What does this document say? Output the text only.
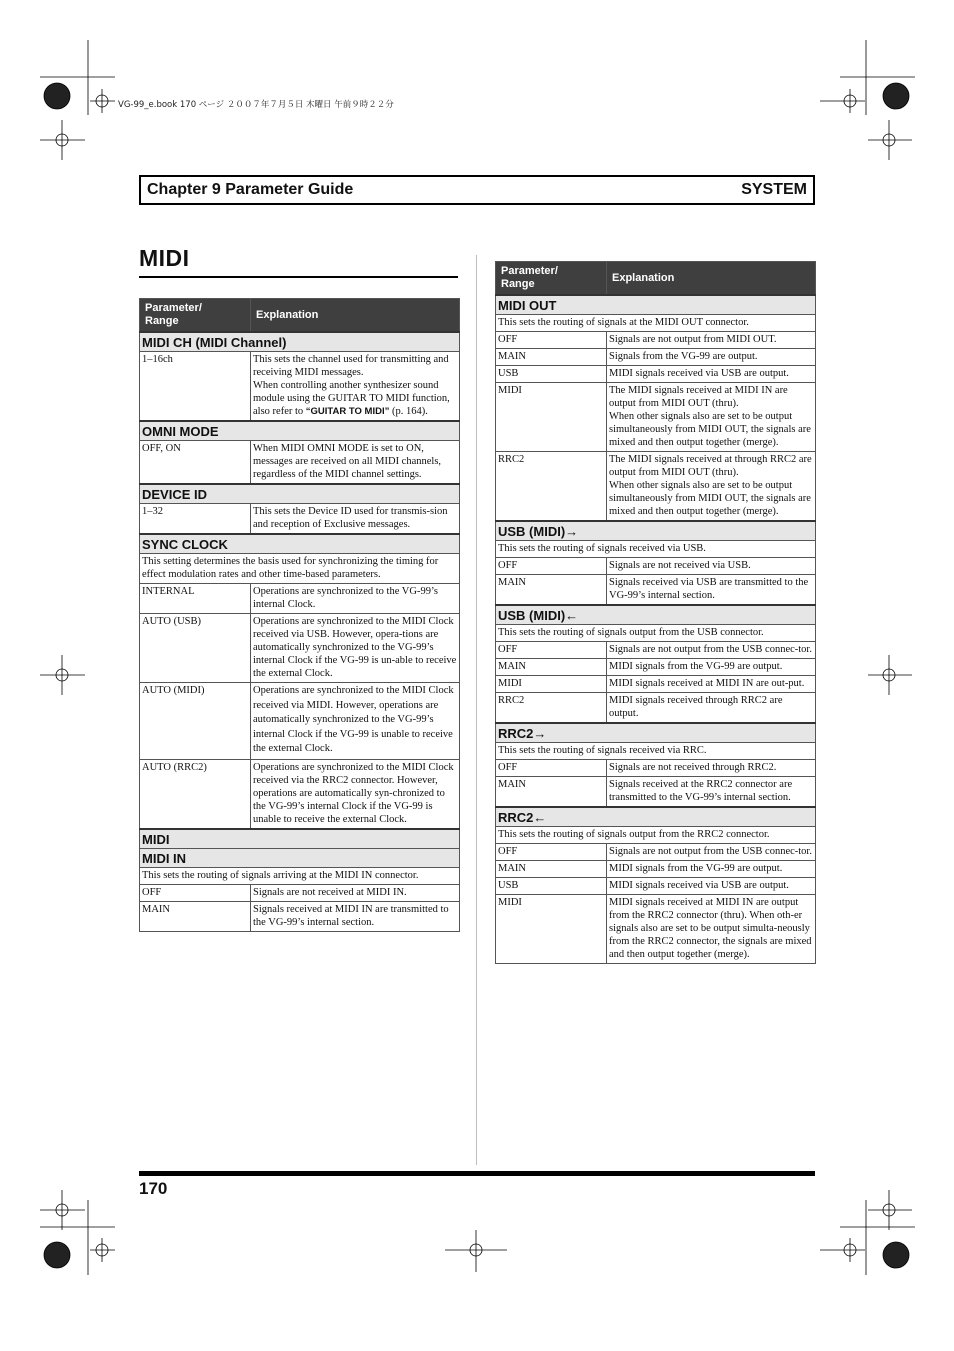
VG-99_e.book 170 ページ ２００７年７月５日 木曜日 午前９時２２分
Chapter 9 Parameter Guide	SYSTEM
MIDI
Parameter/
Range	Explanation
MIDI CH (MIDI Channel)	
1–16ch	This sets the channel used for transmitting and receiving MIDI messages.
When controlling another synthesizer sound module using the GUITAR TO MIDI function, also refer to “GUITAR TO MIDI” (p. 164).
OMNI MODE	
OFF, ON	When MIDI OMNI MODE is set to ON, messages are received on all MIDI channels, regardless of the MIDI channel settings.
DEVICE ID	
1–32	This sets the Device ID used for transmis-sion and reception of Exclusive messages.
SYNC CLOCK	
This setting determines the basis used for synchronizing the timing for effect modulation rates and other time-based parameters.	
INTERNAL	Operations are synchronized to the VG-99’s internal Clock.
AUTO (USB)	Operations are synchronized to the MIDI Clock received via USB. However, opera-tions are automatically synchronized to the VG-99’s internal Clock if the VG-99 is un-able to receive the external Clock.
AUTO (MIDI)	Operations are synchronized to the MIDI Clock received via MIDI. However, operations are automatically synchronized to the VG-99’s internal Clock if the VG-99 is unable to receive the external Clock.
AUTO (RRC2)	Operations are synchronized to the MIDI Clock received via the RRC2 connector. However, operations are automatically syn-chronized to the VG-99’s internal Clock if the VG-99 is unable to receive the external Clock.
MIDI	
MIDI IN	
This sets the routing of signals arriving at the MIDI IN connector.	
OFF	Signals are not received at MIDI IN.
MAIN	Signals received at MIDI IN are transmitted to the VG-99’s internal section.
Parameter/
Range	Explanation
MIDI OUT	
This sets the routing of signals at the MIDI OUT connector.	
OFF	Signals are not output from MIDI OUT.
MAIN	Signals from the VG-99 are output.
USB	MIDI signals received via USB are output.
MIDI	The MIDI signals received at MIDI IN are output from MIDI OUT (thru).
When other signals also are set to be output simultaneously from MIDI OUT, the signals are mixed and then output together (merge).
RRC2	The MIDI signals received at through RRC2 are output from MIDI OUT (thru).
When other signals also are set to be output simultaneously from MIDI OUT, the signals are mixed and then output together (merge).
USB (MIDI)→	
This sets the routing of signals received via USB.	
OFF	Signals are not received via USB.
MAIN	Signals received via USB are transmitted to the VG-99’s internal section.
USB (MIDI)←	
This sets the routing of signals output from the USB connector.	
OFF	Signals are not output from the USB connec-tor.
MAIN	MIDI signals from the VG-99 are output.
MIDI	MIDI signals received at MIDI IN are out-put.
RRC2	MIDI signals received through RRC2 are output.
RRC2→	
This sets the routing of signals received via RRC.	
OFF	Signals are not received through RRC2.
MAIN	Signals received at the RRC2 connector are transmitted to the VG-99’s internal section.
RRC2←	
This sets the routing of signals output from the RRC2 connector.	
OFF	Signals are not output from the USB connec-tor.
MAIN	MIDI signals from the VG-99 are output.
USB	MIDI signals received via USB are output.
MIDI	MIDI signals received at MIDI IN are output from the RRC2 connector (thru). When oth-er signals also are set to be output simulta-neously from the RRC2 connector, the signals are mixed and then output together (merge).
170
